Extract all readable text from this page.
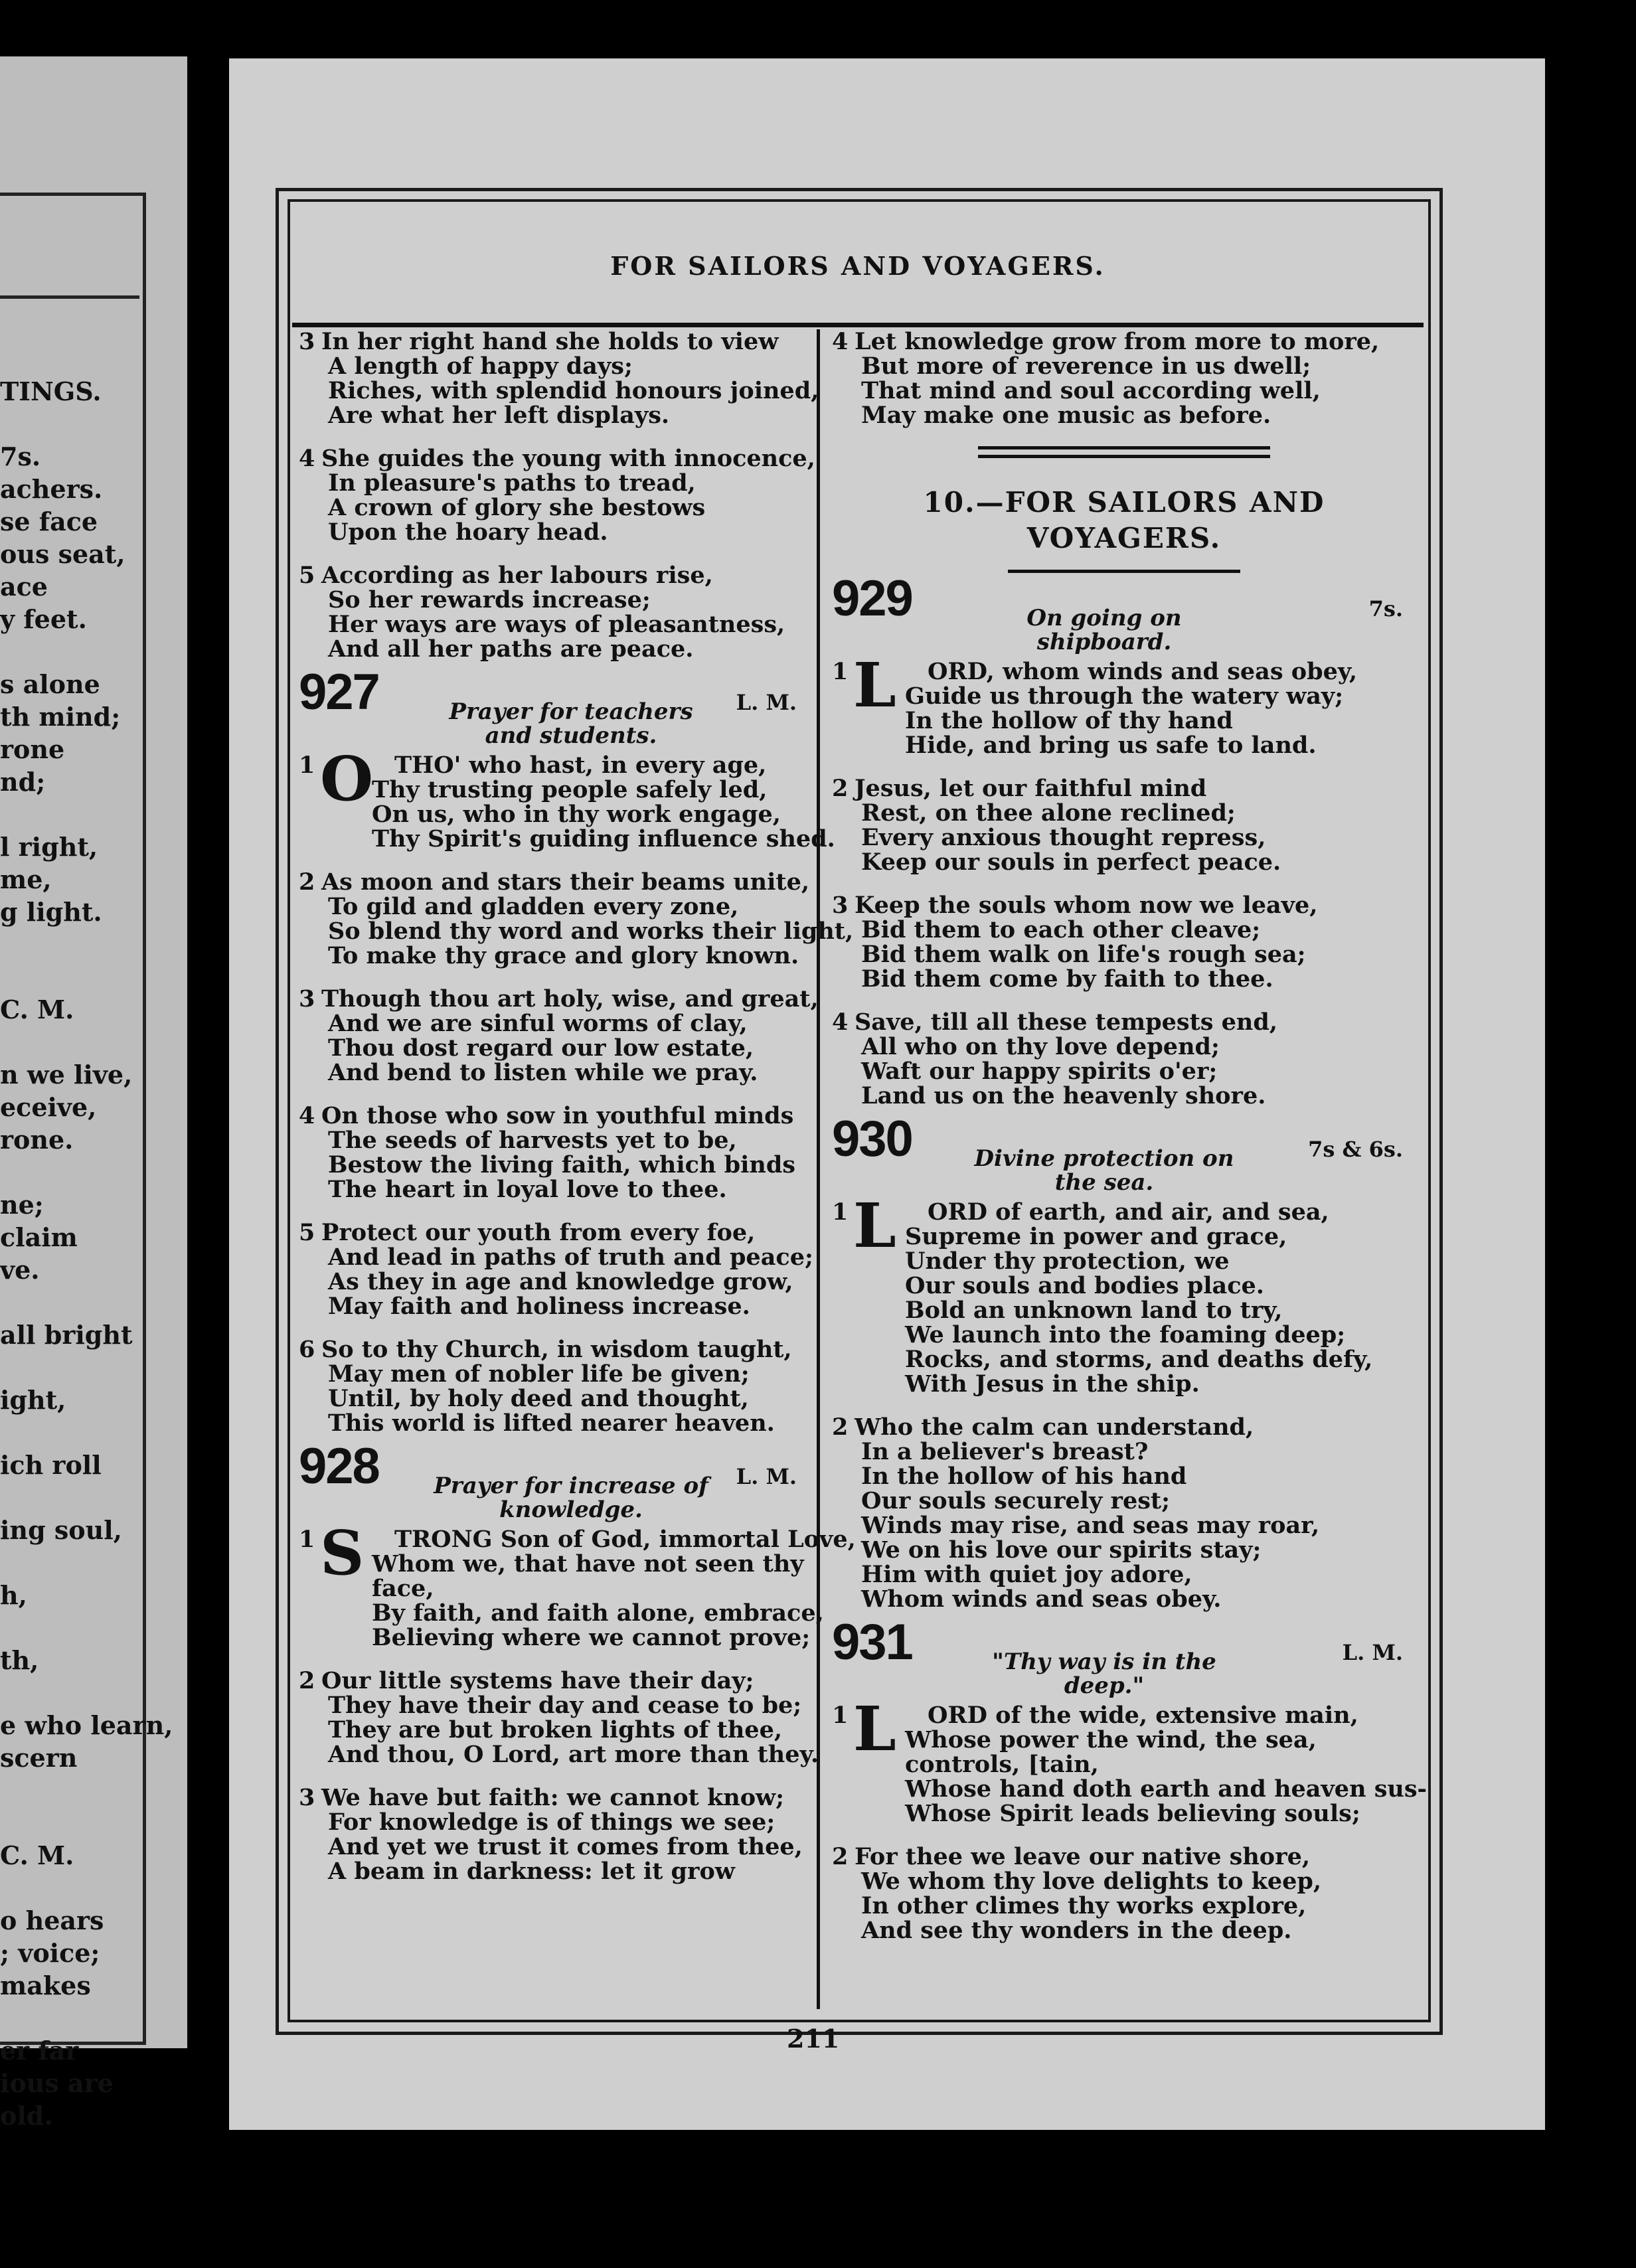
TINGS.

7s.
achers.
se face
ous seat,
ace
y feet.

s alone
th mind;
rone
nd;

l right,
me,
g light.

C. M.

n we live,
eceive,
rone.

ne;
claim
ve.

all bright

ight,

ich roll

ing soul,

h,

th,

e who learn,
scern

C. M.

o hears
; voice;
makes

er far
ious are
old.
FOR SAILORS AND VOYAGERS.
3 In her right hand she holds to view
A length of happy days;
Riches, with splendid honours joined,
Are what her left displays.
4 She guides the young with innocence,
In pleasure's paths to tread,
A crown of glory she bestows
Upon the hoary head.
5 According as her labours rise,
So her rewards increase;
Her ways are ways of pleasantness,
And all her paths are peace.
927	Prayer for teachers and students.
L. M.
1 O THO' who hast, in every age,
Thy trusting people safely led,
On us, who in thy work engage,
Thy Spirit's guiding influence shed.
2 As moon and stars their beams unite,
To gild and gladden every zone,
So blend thy word and works their light,
To make thy grace and glory known.
3 Though thou art holy, wise, and great,
And we are sinful worms of clay,
Thou dost regard our low estate,
And bend to listen while we pray.
4 On those who sow in youthful minds
The seeds of harvests yet to be,
Bestow the living faith, which binds
The heart in loyal love to thee.
5 Protect our youth from every foe,
And lead in paths of truth and peace;
As they in age and knowledge grow,
May faith and holiness increase.
6 So to thy Church, in wisdom taught,
May men of nobler life be given;
Until, by holy deed and thought,
This world is lifted nearer heaven.
928	Prayer for increase of knowledge.
L. M.
1 S TRONG Son of God, immortal Love,
Whom we, that have not seen thy
face,
By faith, and faith alone, embrace,
Believing where we cannot prove;
2 Our little systems have their day;
They have their day and cease to be;
They are but broken lights of thee,
And thou, O Lord, art more than they.
3 We have but faith: we cannot know;
For knowledge is of things we see;
And yet we trust it comes from thee,
A beam in darkness: let it grow
4 Let knowledge grow from more to more,
But more of reverence in us dwell;
That mind and soul according well,
May make one music as before.
10.—FOR SAILORS AND
VOYAGERS.
929	On going on shipboard.
7s.
1 L ORD, whom winds and seas obey,
Guide us through the watery way;
In the hollow of thy hand
Hide, and bring us safe to land.
2 Jesus, let our faithful mind
Rest, on thee alone reclined;
Every anxious thought repress,
Keep our souls in perfect peace.
3 Keep the souls whom now we leave,
Bid them to each other cleave;
Bid them walk on life's rough sea;
Bid them come by faith to thee.
4 Save, till all these tempests end,
All who on thy love depend;
Waft our happy spirits o'er;
Land us on the heavenly shore.
930	Divine protection on the sea.
7s & 6s.
1 L ORD of earth, and air, and sea,
Supreme in power and grace,
Under thy protection, we
Our souls and bodies place.
Bold an unknown land to try,
We launch into the foaming deep;
Rocks, and storms, and deaths defy,
With Jesus in the ship.
2 Who the calm can understand,
In a believer's breast?
In the hollow of his hand
Our souls securely rest;
Winds may rise, and seas may roar,
We on his love our spirits stay;
Him with quiet joy adore,
Whom winds and seas obey.
931	"Thy way is in the deep."
L. M.
1 L ORD of the wide, extensive main,
Whose power the wind, the sea,
controls, [tain,
Whose hand doth earth and heaven sus-
Whose Spirit leads believing souls;
2 For thee we leave our native shore,
We whom thy love delights to keep,
In other climes thy works explore,
And see thy wonders in the deep.
211
